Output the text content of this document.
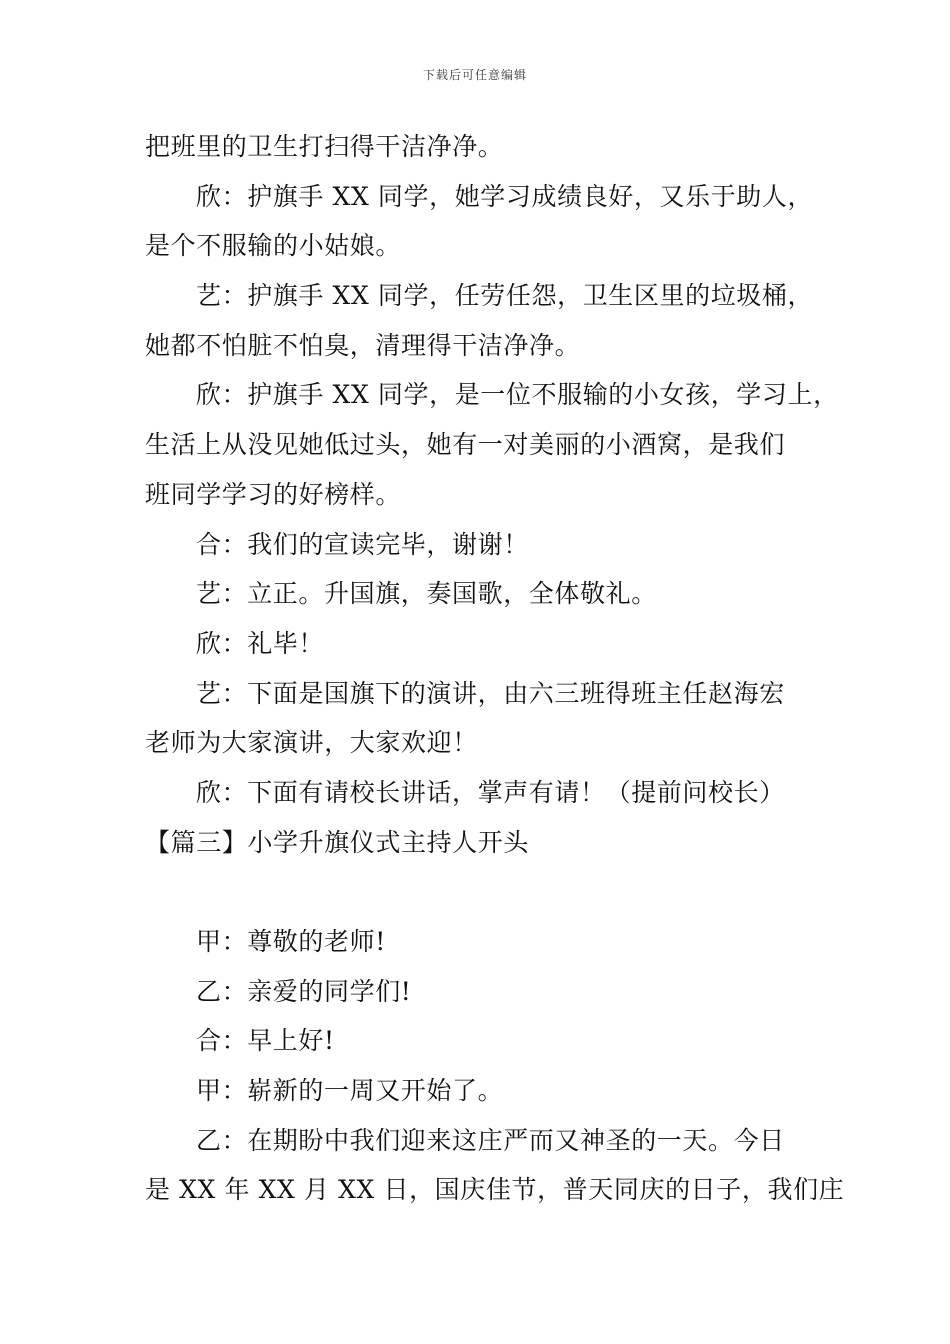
下载后可任意编辑
把班里的卫生打扫得干洁净净。
欣：护旗手 XX 同学，她学习成绩良好，又乐于助人，
是个不服输的小姑娘。
艺：护旗手 XX 同学，任劳任怨，卫生区里的垃圾桶，
她都不怕脏不怕臭，清理得干洁净净。
欣：护旗手 XX 同学，是一位不服输的小女孩，学习上，
生活上从没见她低过头，她有一对美丽的小酒窝，是我们
班同学学习的好榜样。
合：我们的宣读完毕，谢谢！
艺：立正。升国旗，奏国歌，全体敬礼。
欣：礼毕！
艺：下面是国旗下的演讲，由六三班得班主任赵海宏
老师为大家演讲，大家欢迎！
欣：下面有请校长讲话，掌声有请！（提前问校长）
【篇三】小学升旗仪式主持人开头
甲：尊敬的老师!
乙：亲爱的同学们!
合：早上好!
甲：崭新的一周又开始了。
乙：在期盼中我们迎来这庄严而又神圣的一天。今日
是 XX 年 XX 月 XX 日，国庆佳节，普天同庆的日子，我们庄
